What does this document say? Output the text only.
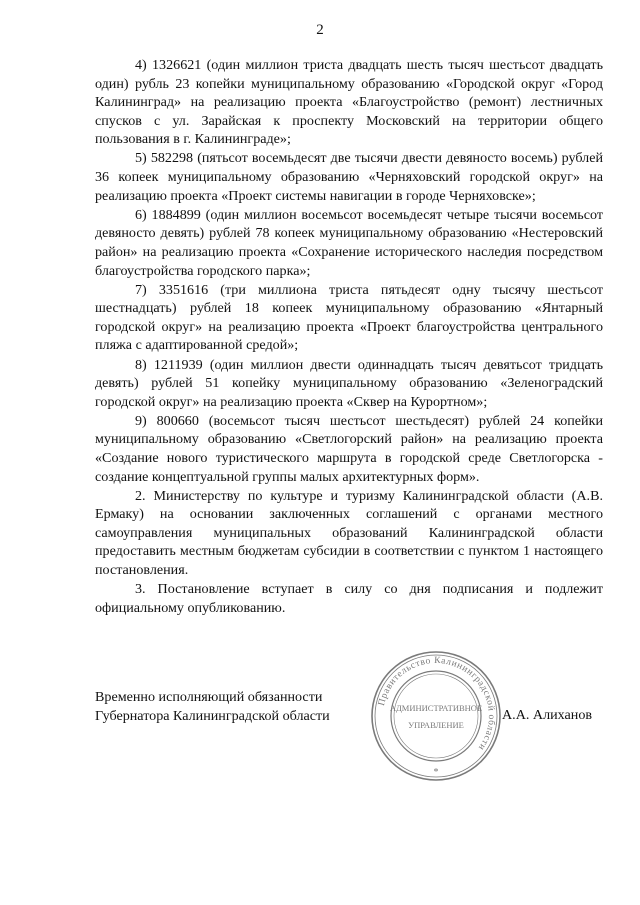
2

4) 1326621 (один миллион триста двадцать шесть тысяч шестьсот двадцать один) рубль 23 копейки муниципальному образованию «Городской округ «Город Калининград» на реализацию проекта «Благоустройство (ремонт) лестничных спусков с ул. Зарайская к проспекту Московский на территории общего пользования в г. Калининграде»;

5) 582298 (пятьсот восемьдесят две тысячи двести девяносто восемь) рублей 36 копеек муниципальному образованию «Черняховский городской округ» на реализацию проекта «Проект системы навигации в городе Черняховске»;

6) 1884899 (один миллион восемьсот восемьдесят четыре тысячи восемьсот девяносто девять) рублей 78 копеек муниципальному образованию «Нестеровский район» на реализацию проекта «Сохранение исторического наследия посредством благоустройства городского парка»;

7) 3351616 (три миллиона триста пятьдесят одну тысячу шестьсот шестнадцать) рублей 18 копеек муниципальному образованию «Янтарный городской округ» на реализацию проекта «Проект благоустройства центрального пляжа с адаптированной средой»;

8) 1211939 (один миллион двести одиннадцать тысяч девятьсот тридцать девять) рублей 51 копейку муниципальному образованию «Зеленоградский городской округ» на реализацию проекта «Сквер на Курортном»;

9) 800660 (восемьсот тысяч шестьсот шестьдесят) рублей 24 копейки муниципальному образованию «Светлогорский район» на реализацию проекта «Создание нового туристического маршрута в городской среде Светлогорска - создание концептуальной группы малых архитектурных форм».

2. Министерству по культуре и туризму Калининградской области (А.В. Ермаку) на основании заключенных соглашений с органами местного самоуправления муниципальных образований Калининградской области предоставить местным бюджетам субсидии в соответствии с пунктом 1 настоящего постановления.

3. Постановление вступает в силу со дня подписания и подлежит официальному опубликованию.

Временно исполняющий обязанности
Губернатора Калининградской области	А.А. Алиханов
Правительство Калининградской области
АДМИНИСТРАТИВНОЕ
УПРАВЛЕНИЕ
*
